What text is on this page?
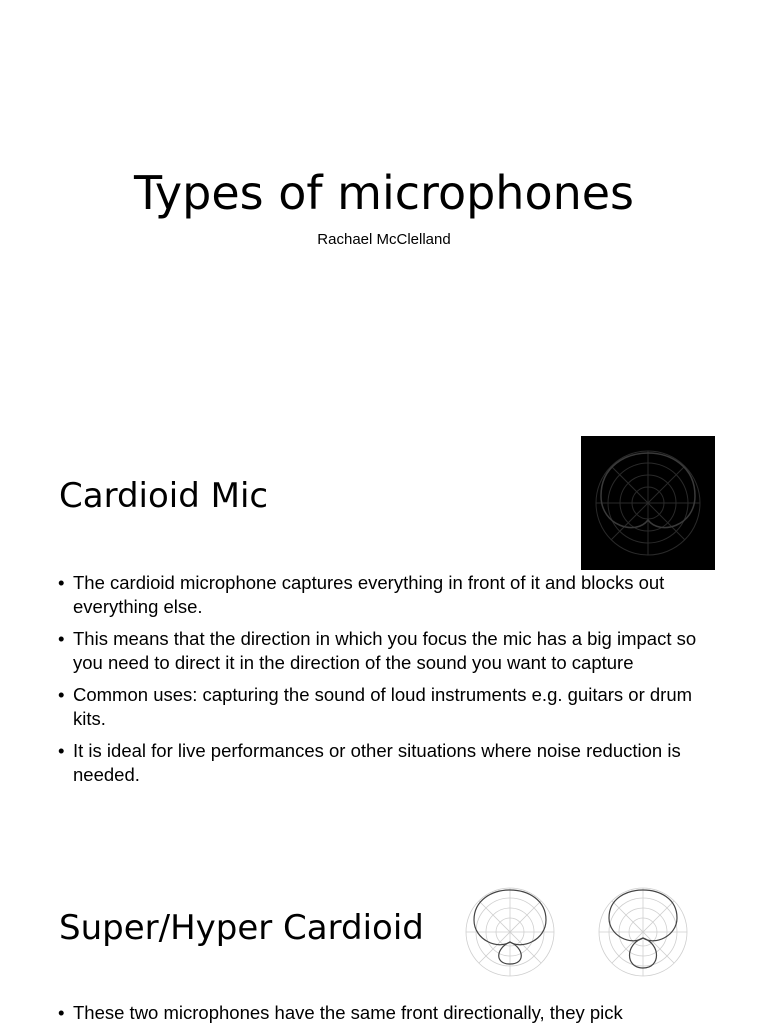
Types of microphones

Rachael McClelland

Cardioid Mic
• The cardioid microphone captures everything in front of it and blocks out everything else.
• This means that the direction in which you focus the mic has a big impact so you need to direct it in the direction of the sound you want to capture
• Common uses: capturing the sound of loud instruments e.g. guitars or drum kits.
• It is ideal for live performances or other situations where noise reduction is needed.
Super/Hyper Cardioid
• These two microphones have the same front directionally, they pick
